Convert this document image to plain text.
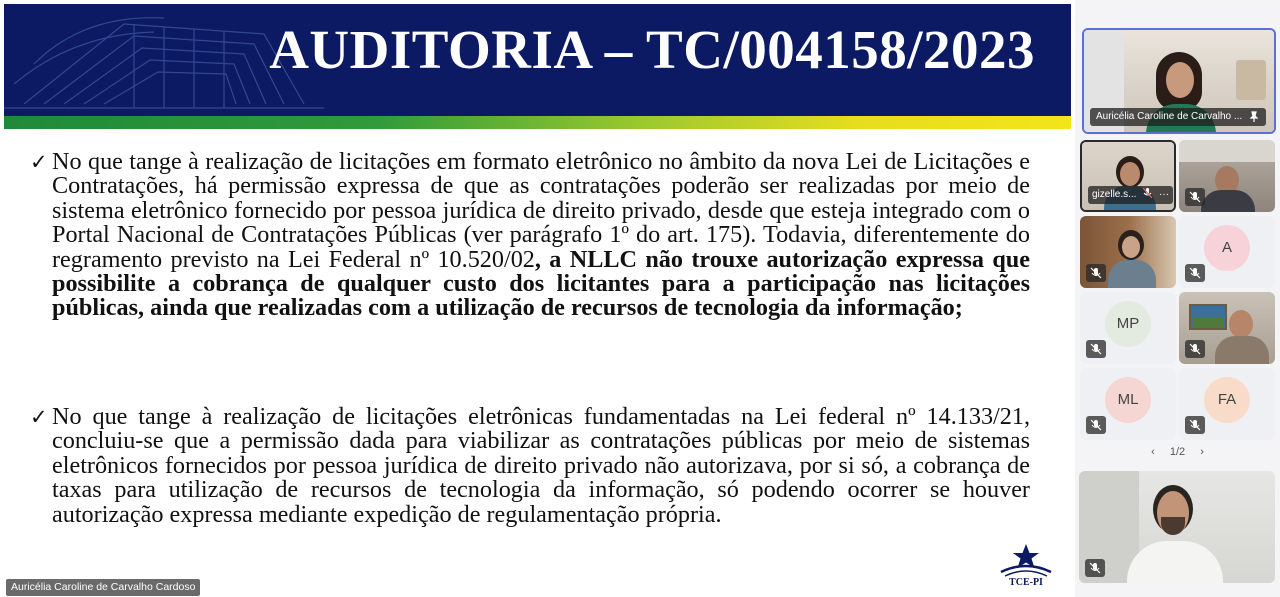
AUDITORIA – TC/004158/2023
✓ No que tange à realização de licitações em formato eletrônico no âmbito da nova Lei de Licitações e Contratações, há permissão expressa de que as contratações poderão ser realizadas por meio de sistema eletrônico fornecido por pessoa jurídica de direito privado, desde que esteja integrado com o Portal Nacional de Contratações Públicas (ver parágrafo 1º do art. 175). Todavia, diferentemente do regramento previsto na Lei Federal nº 10.520/02, a NLLC não trouxe autorização expressa que possibilite a cobrança de qualquer custo dos licitantes para a participação nas licitações públicas, ainda que realizadas com a utilização de recursos de tecnologia da informação;
✓ No que tange à realização de licitações eletrônicas fundamentadas na Lei federal nº 14.133/21, concluiu-se que a permissão dada para viabilizar as contratações públicas por meio de sistemas eletrônicos fornecidos por pessoa jurídica de direito privado não autorizava, por si só, a cobrança de taxas para utilização de recursos de tecnologia da informação, só podendo ocorrer se houver autorização expressa mediante expedição de regulamentação própria.
TCE-PI
Auricélia Caroline de Carvalho Cardoso
Auricélia Caroline de Carvalho ...
gizelle.s... ···
A
MP
ML	FA
‹ 1/2 ›
